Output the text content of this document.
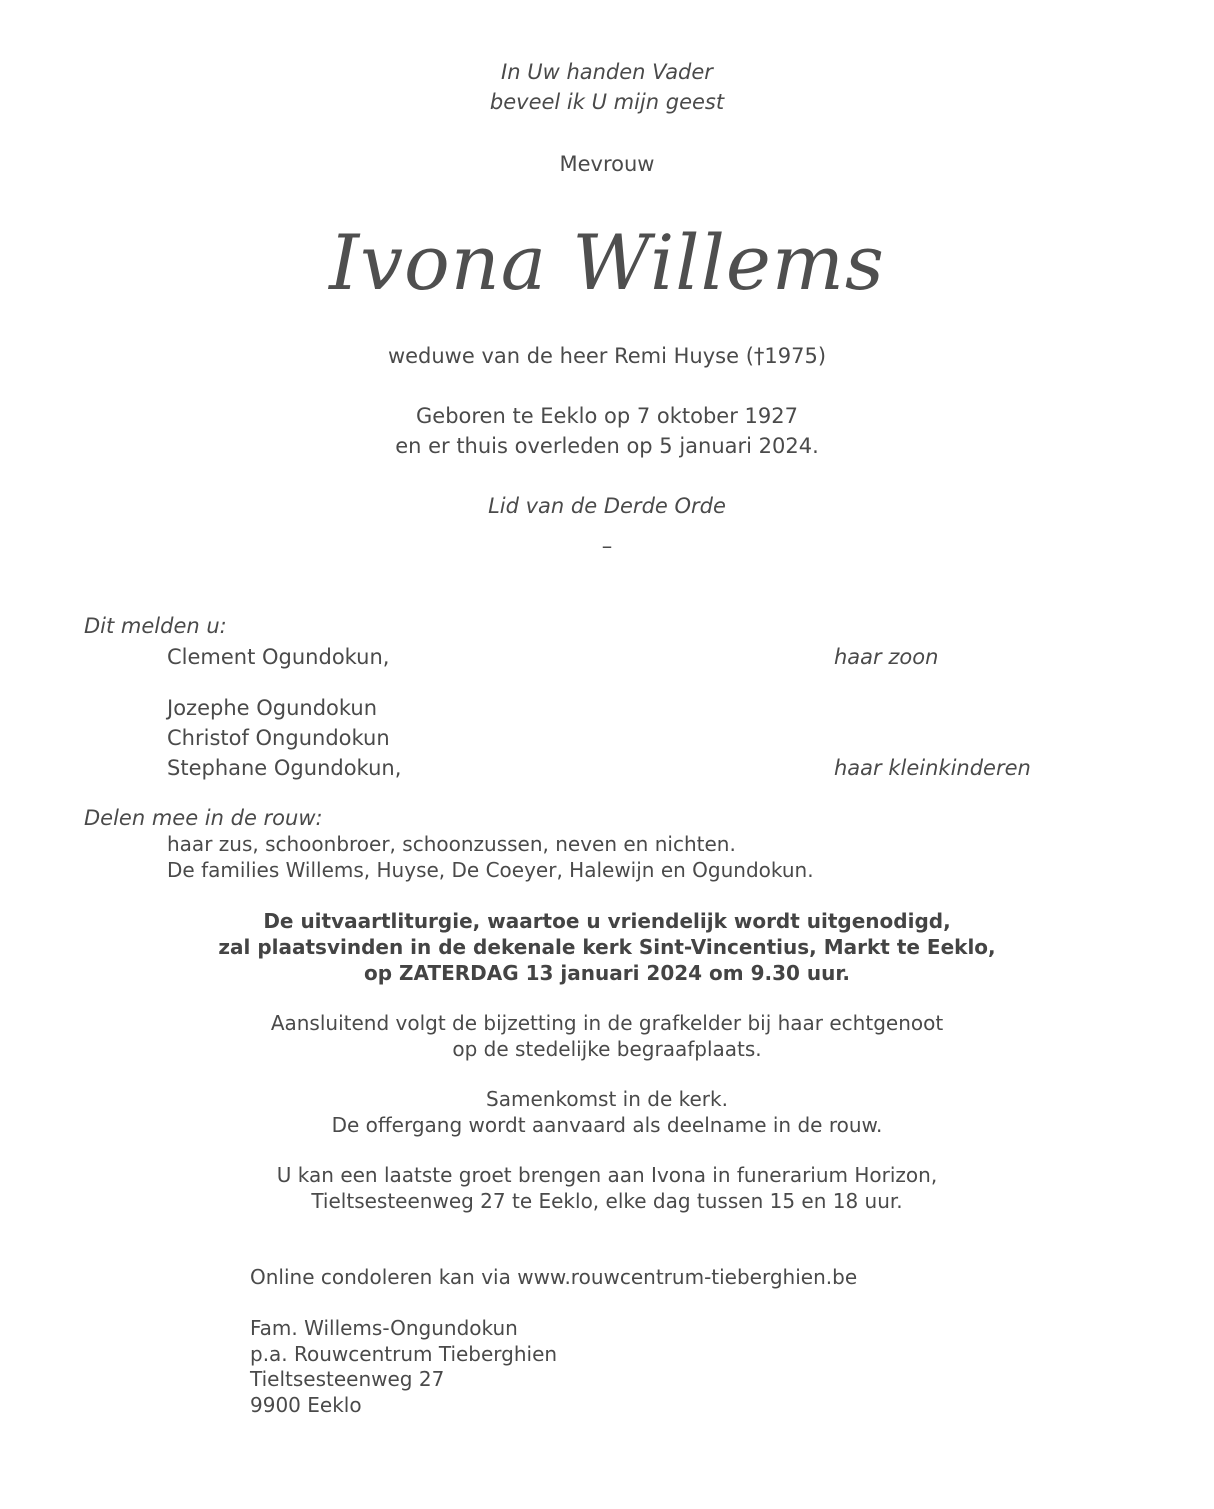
In Uw handen Vader
beveel ik U mijn geest
Mevrouw
Ivona Willems
weduwe van de heer Remi Huyse (†1975)
Geboren te Eeklo op 7 oktober 1927
en er thuis overleden op 5 januari 2024.
Lid van de Derde Orde
–
Dit melden u:
Clement Ogundokun,	haar zoon
Jozephe Ogundokun
Christof Ongundokun
Stephane Ogundokun,	haar kleinkinderen
Delen mee in de rouw:
haar zus, schoonbroer, schoonzussen, neven en nichten.
De families Willems, Huyse, De Coeyer, Halewijn en Ogundokun.
De uitvaartliturgie, waartoe u vriendelijk wordt uitgenodigd,
zal plaatsvinden in de dekenale kerk Sint-Vincentius, Markt te Eeklo,
op ZATERDAG 13 januari 2024 om 9.30 uur.
Aansluitend volgt de bijzetting in de grafkelder bij haar echtgenoot
op de stedelijke begraafplaats.
Samenkomst in de kerk.
De offergang wordt aanvaard als deelname in de rouw.
U kan een laatste groet brengen aan Ivona in funerarium Horizon,
Tieltsesteenweg 27 te Eeklo, elke dag tussen 15 en 18 uur.
Online condoleren kan via www.rouwcentrum-tieberghien.be
Fam. Willems-Ongundokun
p.a. Rouwcentrum Tieberghien
Tieltsesteenweg 27
9900 Eeklo
